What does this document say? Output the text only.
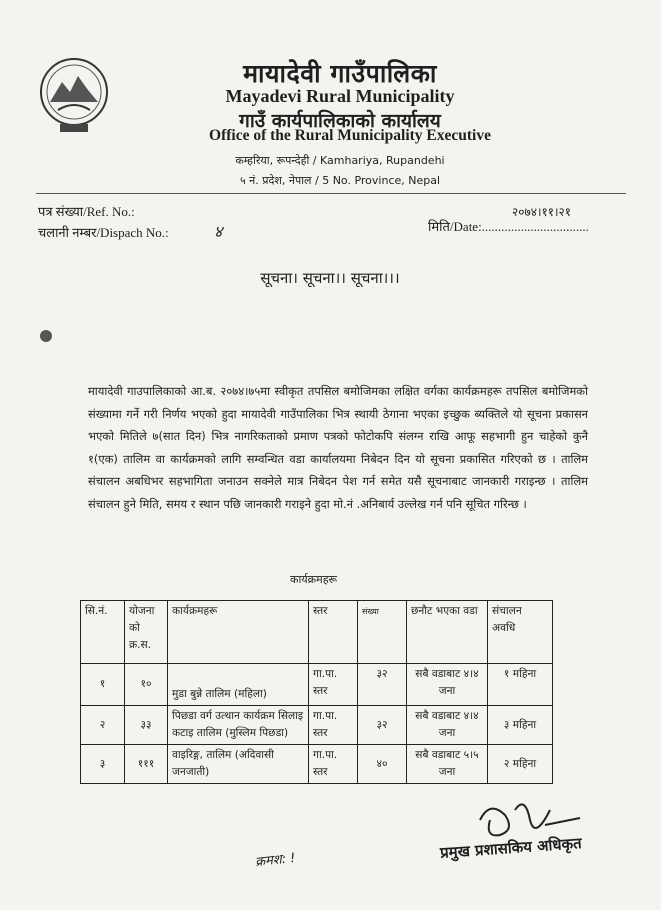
मायादेवी गाउँपालिका
Mayadevi Rural Municipality
गाउँ कार्यपालिकाको कार्यालय
Office of the Rural Municipality Executive
कम्हरिया, रूपन्देही / Kamhariya, Rupandehi
५ नं. प्रदेश, नेपाल / 5 No. Province, Nepal
पत्र संख्या/Ref. No.:
चलानी नम्बर/Dispach No.:	४
२०७४।११।२१
मिति/Date:.................................
सूचना। सूचना।। सूचना।।।
मायादेवी गाउपालिकाको आ.ब. २०७४।७५मा स्वीकृत तपसिल बमोजिमका लक्षित वर्गका कार्यक्रमहरू तपसिल बमोजिमको संख्यामा गर्ने गरी निर्णय भएको हुदा मायादेवी गाउँपालिका भित्र स्थायी ठेगाना भएका इच्छुक ब्यक्तिले यो सूचना प्रकासन भएको मितिले ७(सात दिन) भित्र नागरिकताको प्रमाण पत्रको फोटोकपि संलग्न राखि आफू सहभागी हुन चाहेको कुनै १(एक) तालिम वा कार्यक्रमको लागि सम्वन्धित वडा कार्यालयमा निबेदन दिन यो सूचना प्रकासित गरिएको छ । तालिम संचालन अबधिभर सहभागिता जनाउन सक्नेले मात्र निबेदन पेश गर्न समेत यसै सूचनाबाट जानकारी गराइन्छ । तालिम संचालन हुने मिति, समय र स्थान पछि जानकारी गराइने हुदा मो.नं .अनिबार्य उल्लेख गर्न पनि सूचित गरिन्छ ।
कार्यक्रमहरू
सि.नं.	योजना को क्र.स.	कार्यक्रमहरू	स्तर	संख्या	छनौट भएका वडा	संचालन अवधि
१	१०	मुडा बुन्ने तालिम (महिला)	गा.पा. स्तर	३२	सबै वडाबाट ४।४ जना	१ महिना
२	३३	पिछडा वर्ग उत्थान कार्यक्रम सिलाइ कटाइ तालिम (मुस्लिम पिछडा)	गा.पा. स्तर	३२	सबै वडाबाट ४।४ जना	३ महिना
३	१११	वाइरिङ्ग, तालिम (अदिवासी जनजाती)	गा.पा. स्तर	४०	सबै वडाबाट ५।५ जना	२ महिना
प्रमुख प्रशासकिय अधिकृत
क्रमश: !
